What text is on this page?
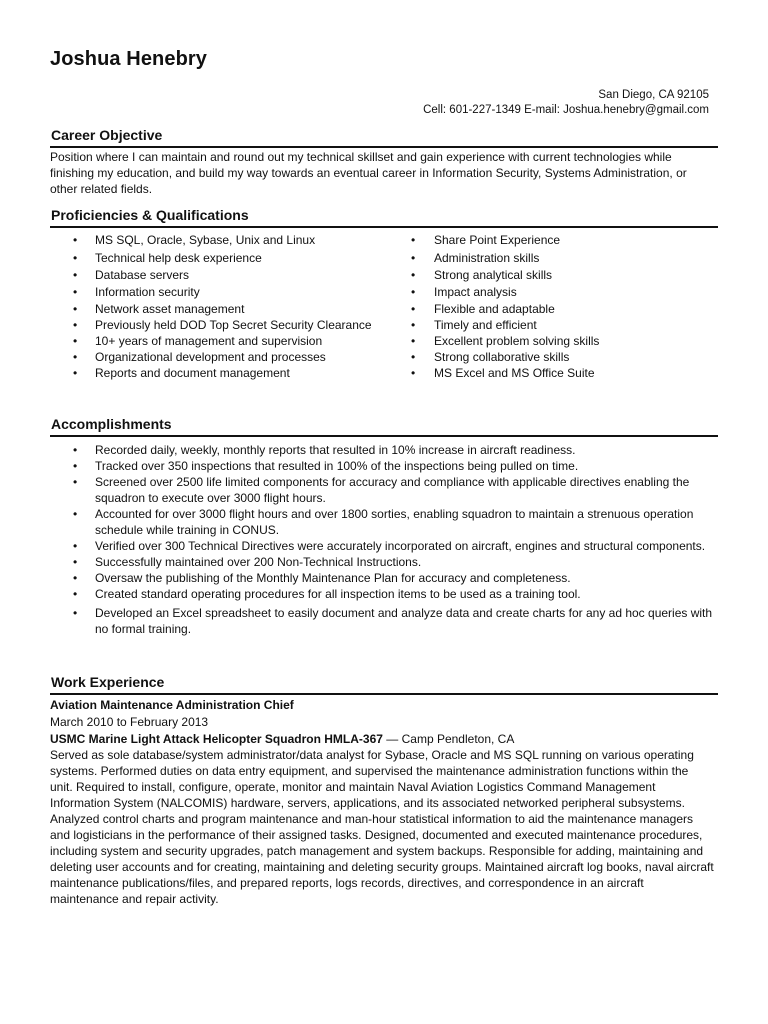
Joshua Henebry
San Diego, CA 92105
Cell: 601-227-1349 E-mail: Joshua.henebry@gmail.com
Career Objective
Position where I can maintain and round out my technical skillset and gain experience with current technologies while finishing my education, and build my way towards an eventual career in Information Security, Systems Administration, or other related fields.
Proficiencies & Qualifications
• MS SQL, Oracle, Sybase, Unix and Linux
• Technical help desk experience
• Database servers
• Information security
• Network asset management
• Previously held DOD Top Secret Security Clearance
• 10+ years of management and supervision
• Organizational development and processes
• Reports and document management
• Share Point Experience
• Administration skills
• Strong analytical skills
• Impact analysis
• Flexible and adaptable
• Timely and efficient
• Excellent problem solving skills
• Strong collaborative skills
• MS Excel and MS Office Suite
Accomplishments
• Recorded daily, weekly, monthly reports that resulted in 10% increase in aircraft readiness.
• Tracked over 350 inspections that resulted in 100% of the inspections being pulled on time.
• Screened over 2500 life limited components for accuracy and compliance with applicable directives enabling the squadron to execute over 3000 flight hours.
• Accounted for over 3000 flight hours and over 1800 sorties, enabling squadron to maintain a strenuous operation schedule while training in CONUS.
• Verified over 300 Technical Directives were accurately incorporated on aircraft, engines and structural components.
• Successfully maintained over 200 Non-Technical Instructions.
• Oversaw the publishing of the Monthly Maintenance Plan for accuracy and completeness.
• Created standard operating procedures for all inspection items to be used as a training tool.
• Developed an Excel spreadsheet to easily document and analyze data and create charts for any ad hoc queries with no formal training.
Work Experience
Aviation Maintenance Administration Chief
March 2010 to February 2013
USMC Marine Light Attack Helicopter Squadron HMLA-367 — Camp Pendleton, CA
Served as sole database/system administrator/data analyst for Sybase, Oracle and MS SQL running on various operating systems. Performed duties on data entry equipment, and supervised the maintenance administration functions within the unit. Required to install, configure, operate, monitor and maintain Naval Aviation Logistics Command Management Information System (NALCOMIS) hardware, servers, applications, and its associated networked peripheral subsystems. Analyzed control charts and program maintenance and man-hour statistical information to aid the maintenance managers and logisticians in the performance of their assigned tasks. Designed, documented and executed maintenance procedures, including system and security upgrades, patch management and system backups. Responsible for adding, maintaining and deleting user accounts and for creating, maintaining and deleting security groups. Maintained aircraft log books, naval aircraft maintenance publications/files, and prepared reports, logs records, directives, and correspondence in an aircraft maintenance and repair activity.
